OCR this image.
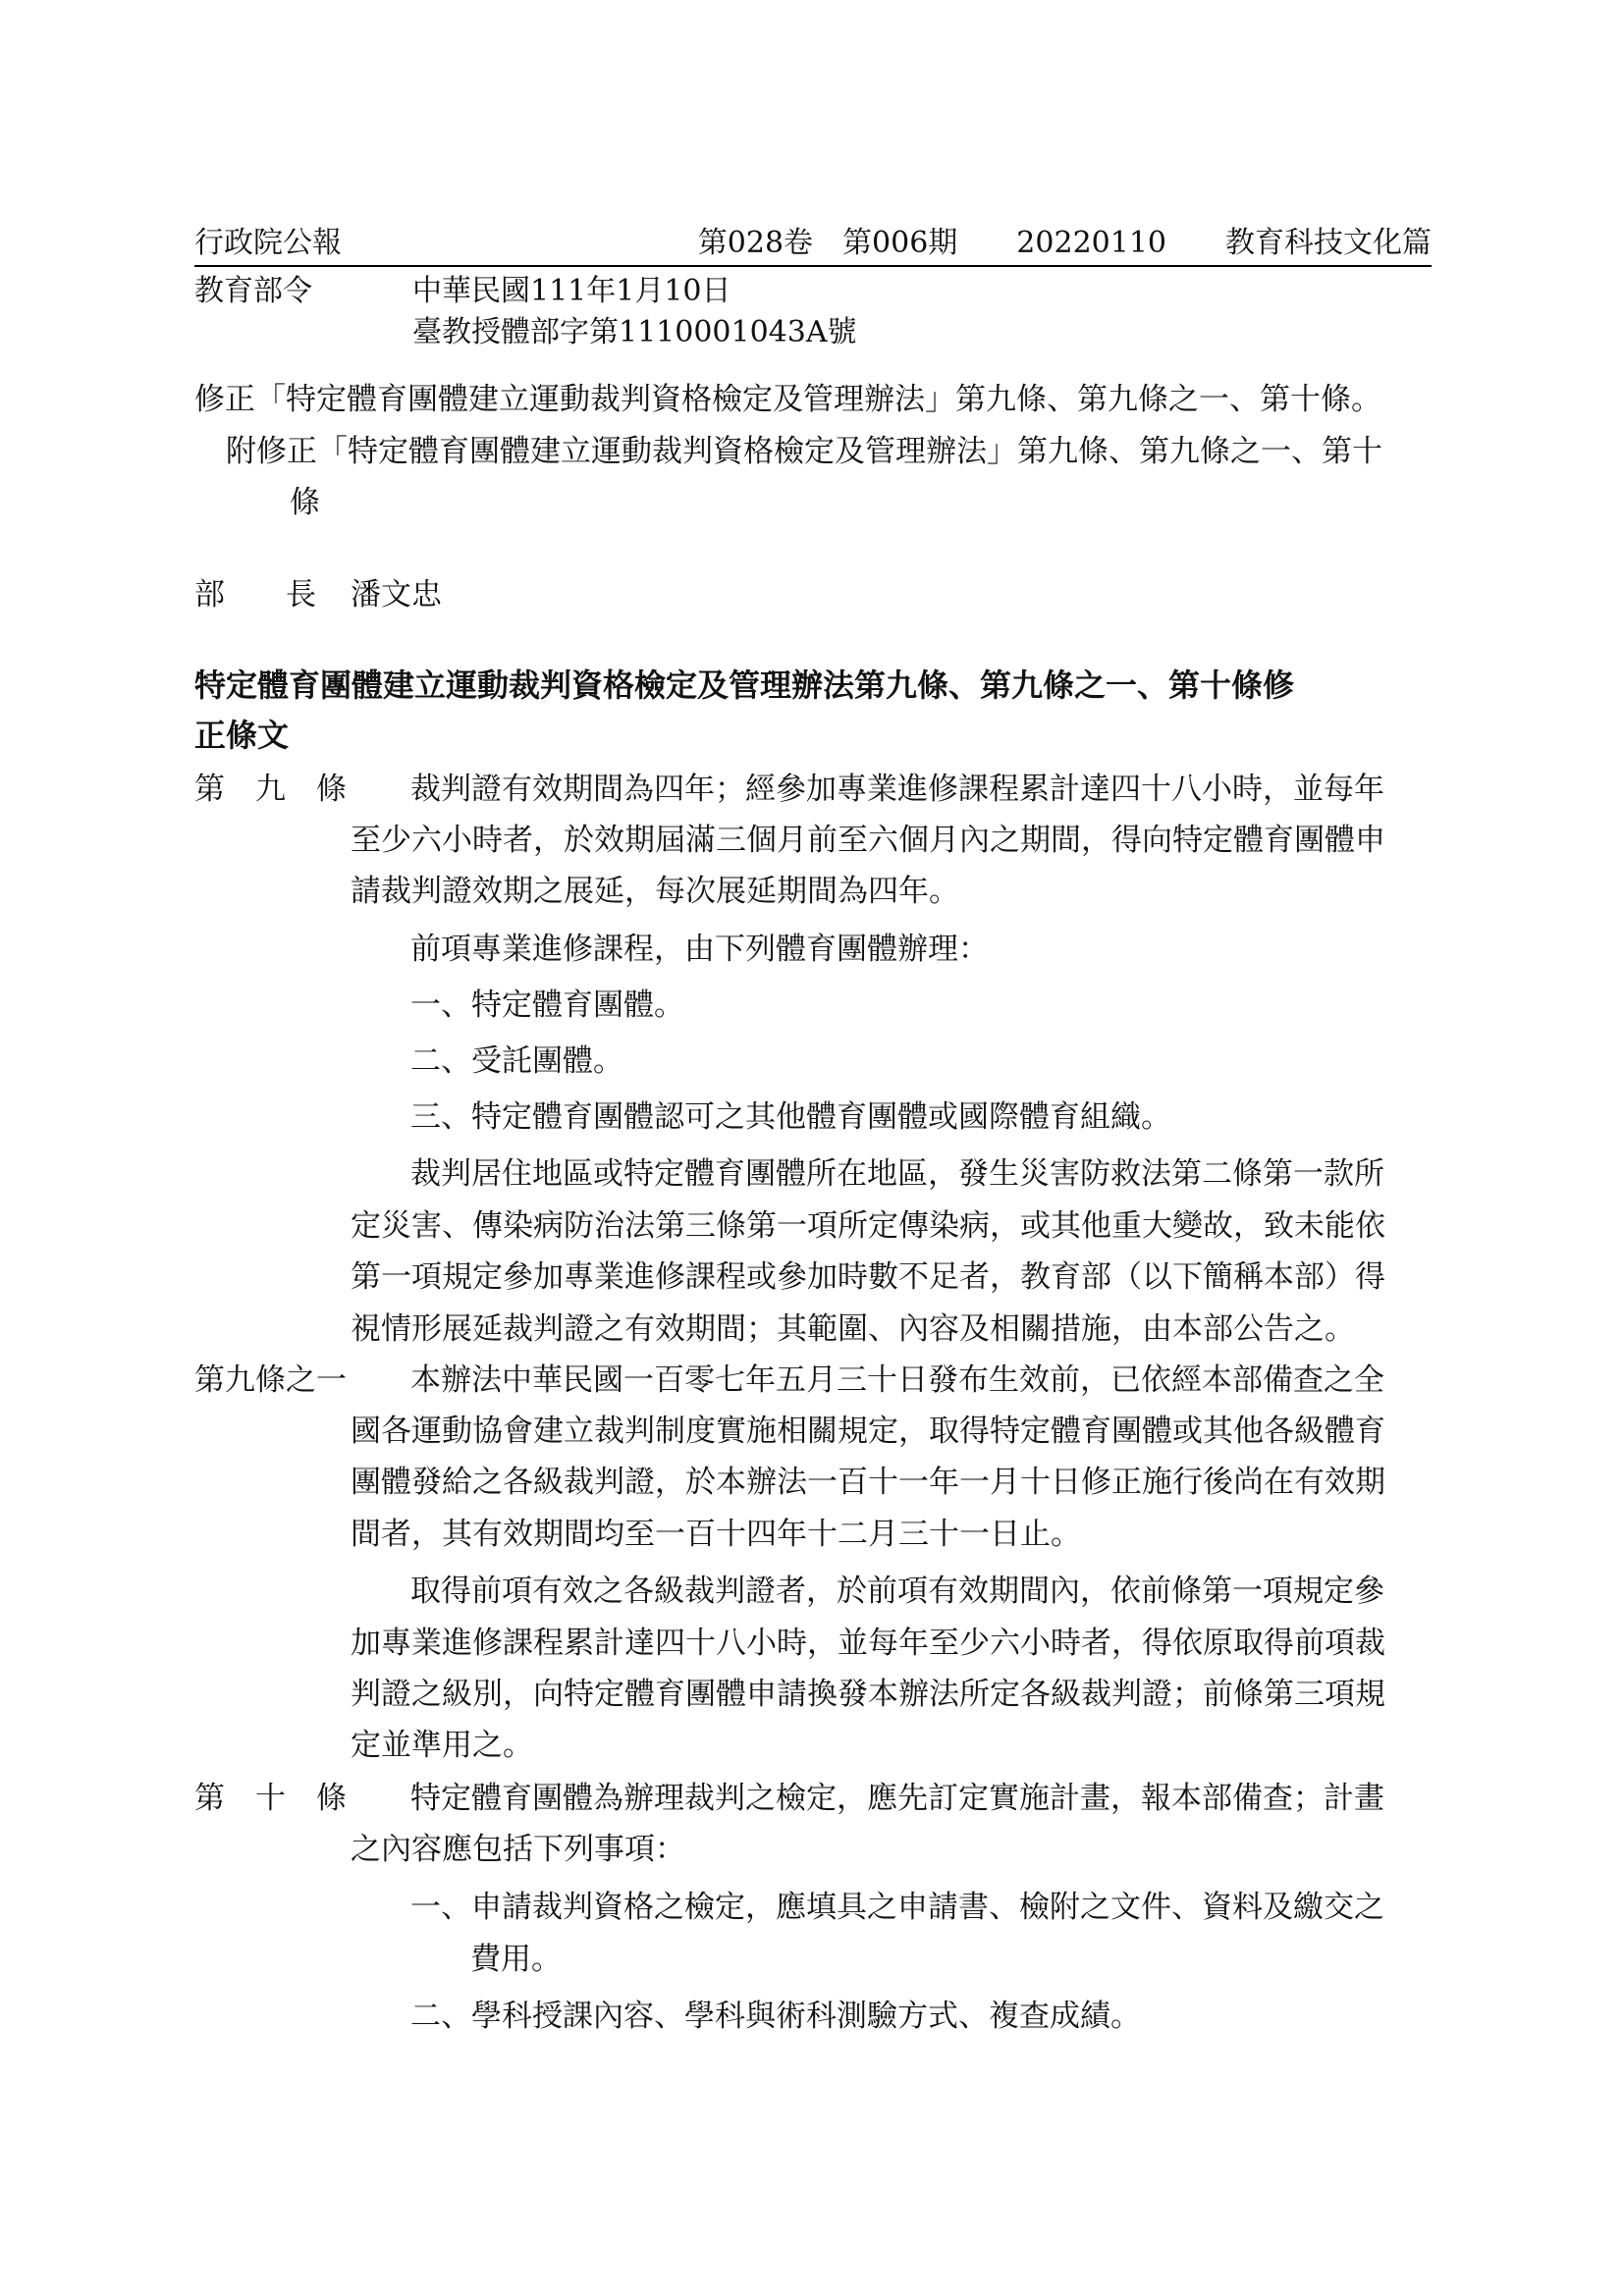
行政院公報	第028卷　第006期　　20220110　　教育科技文化篇
教育部令	中華民國111年1月10日
臺教授體部字第1110001043A號
修正「特定體育團體建立運動裁判資格檢定及管理辦法」第九條、第九條之一、第十條。
附修正「特定體育團體建立運動裁判資格檢定及管理辦法」第九條、第九條之一、第十
條
部　　長 潘文忠
特定體育團體建立運動裁判資格檢定及管理辦法第九條、第九條之一、第十條修
正條文
第　九　條 裁判證有效期間為四年；經參加專業進修課程累計達四十八小時，並每年
至少六小時者，於效期屆滿三個月前至六個月內之期間，得向特定體育團體申
請裁判證效期之展延，每次展延期間為四年。
前項專業進修課程，由下列體育團體辦理：
一、特定體育團體。
二、受託團體。
三、特定體育團體認可之其他體育團體或國際體育組織。
裁判居住地區或特定體育團體所在地區，發生災害防救法第二條第一款所
定災害、傳染病防治法第三條第一項所定傳染病，或其他重大變故，致未能依
第一項規定參加專業進修課程或參加時數不足者，教育部（以下簡稱本部）得
視情形展延裁判證之有效期間；其範圍、內容及相關措施，由本部公告之。
第九條之一 本辦法中華民國一百零七年五月三十日發布生效前，已依經本部備查之全
國各運動協會建立裁判制度實施相關規定，取得特定體育團體或其他各級體育
團體發給之各級裁判證，於本辦法一百十一年一月十日修正施行後尚在有效期
間者，其有效期間均至一百十四年十二月三十一日止。
取得前項有效之各級裁判證者，於前項有效期間內，依前條第一項規定參
加專業進修課程累計達四十八小時，並每年至少六小時者，得依原取得前項裁
判證之級別，向特定體育團體申請換發本辦法所定各級裁判證；前條第三項規
定並準用之。
第　十　條 特定體育團體為辦理裁判之檢定，應先訂定實施計畫，報本部備查；計畫
之內容應包括下列事項：
一、申請裁判資格之檢定，應填具之申請書、檢附之文件、資料及繳交之
費用。
二、學科授課內容、學科與術科測驗方式、複查成績。
